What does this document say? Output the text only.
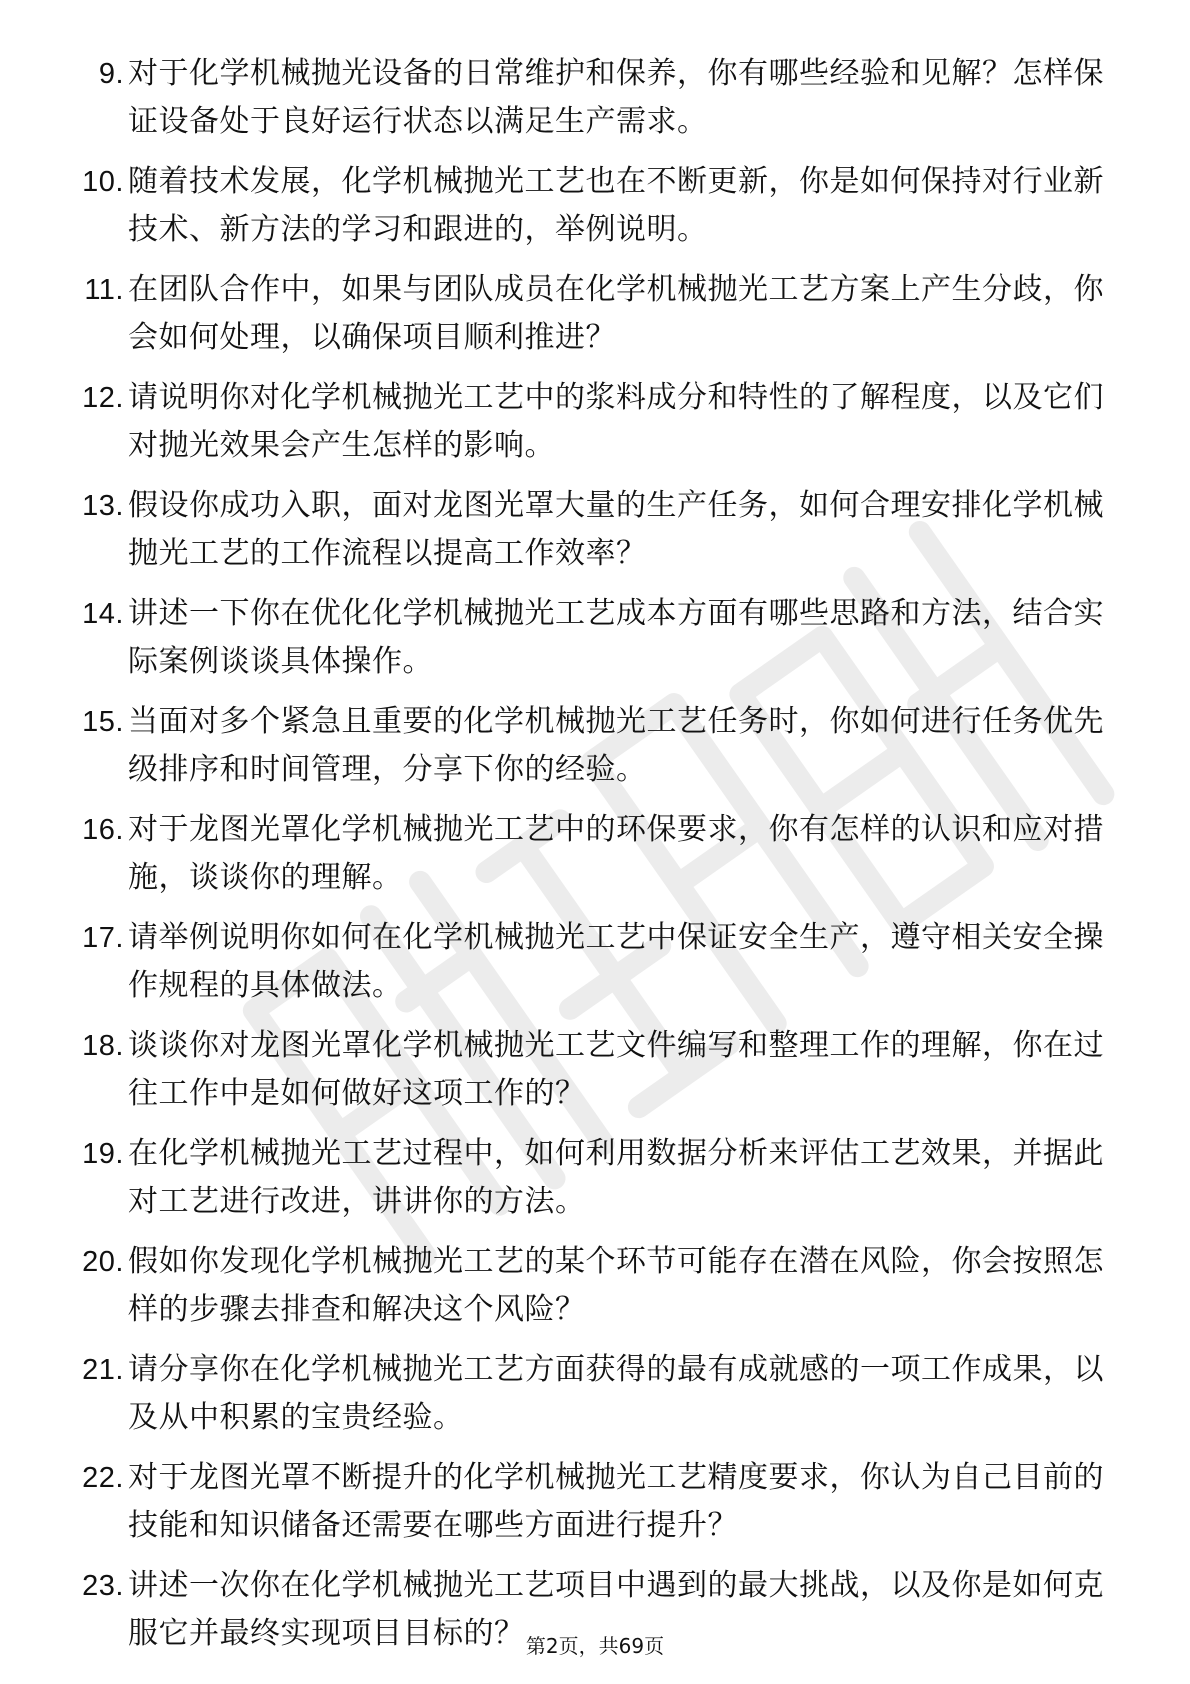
9. 对于化学机械抛光设备的日常维护和保养，你有哪些经验和见解？怎样保证设备处于良好运行状态以满足生产需求。
10. 随着技术发展，化学机械抛光工艺也在不断更新，你是如何保持对行业新技术、新方法的学习和跟进的，举例说明。
11. 在团队合作中，如果与团队成员在化学机械抛光工艺方案上产生分歧，你会如何处理，以确保项目顺利推进？
12. 请说明你对化学机械抛光工艺中的浆料成分和特性的了解程度，以及它们对抛光效果会产生怎样的影响。
13. 假设你成功入职，面对龙图光罩大量的生产任务，如何合理安排化学机械抛光工艺的工作流程以提高工作效率？
14. 讲述一下你在优化化学机械抛光工艺成本方面有哪些思路和方法，结合实际案例谈谈具体操作。
15. 当面对多个紧急且重要的化学机械抛光工艺任务时，你如何进行任务优先级排序和时间管理，分享下你的经验。
16. 对于龙图光罩化学机械抛光工艺中的环保要求，你有怎样的认识和应对措施，谈谈你的理解。
17. 请举例说明你如何在化学机械抛光工艺中保证安全生产，遵守相关安全操作规程的具体做法。
18. 谈谈你对龙图光罩化学机械抛光工艺文件编写和整理工作的理解，你在过往工作中是如何做好这项工作的？
19. 在化学机械抛光工艺过程中，如何利用数据分析来评估工艺效果，并据此对工艺进行改进，讲讲你的方法。
20. 假如你发现化学机械抛光工艺的某个环节可能存在潜在风险，你会按照怎样的步骤去排查和解决这个风险？
21. 请分享你在化学机械抛光工艺方面获得的最有成就感的一项工作成果，以及从中积累的宝贵经验。
22. 对于龙图光罩不断提升的化学机械抛光工艺精度要求，你认为自己目前的技能和知识储备还需要在哪些方面进行提升？
23. 讲述一次你在化学机械抛光工艺项目中遇到的最大挑战，以及你是如何克服它并最终实现项目目标的？ 第2页，共69页
